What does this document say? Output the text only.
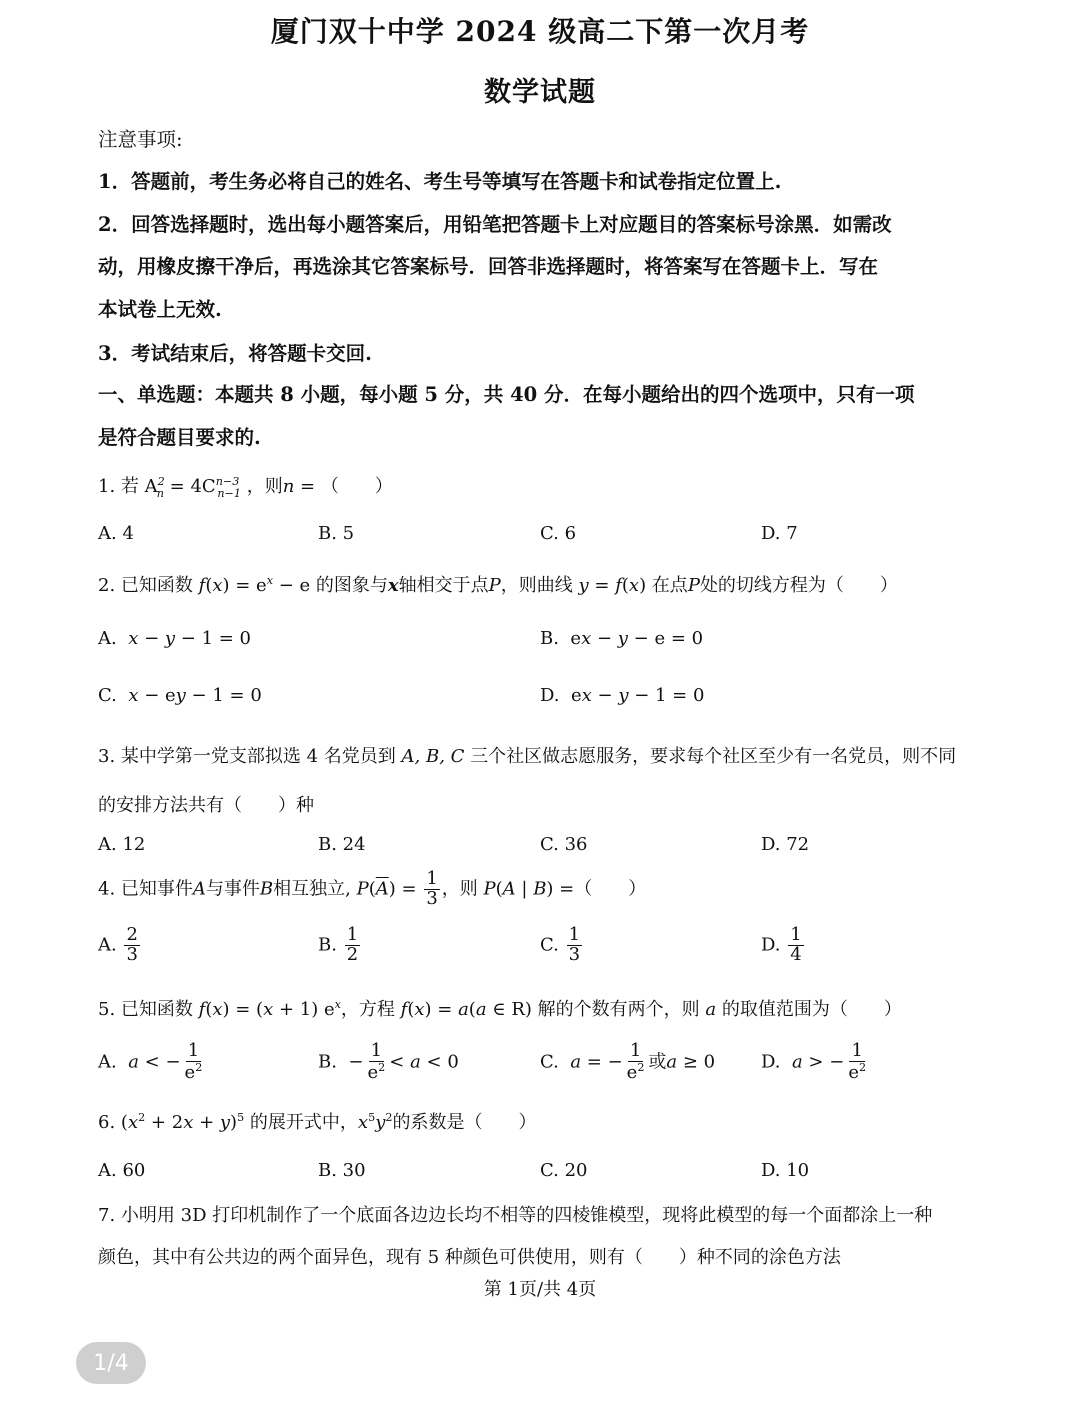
厦门双十中学 2024 级高二下第一次月考
数学试题
注意事项:
1．答题前，考生务必将自己的姓名、考生号等填写在答题卡和试卷指定位置上.
2．回答选择题时，选出每小题答案后，用铅笔把答题卡上对应题目的答案标号涂黑．如需改
动，用橡皮擦干净后，再选涂其它答案标号．回答非选择题时，将答案写在答题卡上．写在
本试卷上无效.
3．考试结束后，将答题卡交回.
一、单选题：本题共 8 小题，每小题 5 分，共 40 分．在每小题给出的四个选项中，只有一项
是符合题目要求的.
1. 若 $A^2_n = 4C^{n-3}_{n-1}$ ，则n = （　　）
A. 4	B. 5	C. 6	D. 7
2. 已知函数 $f(x) = e^x - e$ 的图象与x轴相交于点P，则曲线 y = f(x) 在点P处的切线方程为（　　）
A. x − y − 1 = 0	B.  ex − y − e = 0
C. x − ey − 1 = 0	D.  ex − y − 1 = 0
3. 某中学第一党支部拟选 4 名党员到 A, B, C 三个社区做志愿服务，要求每个社区至少有一名党员，则不同
的安排方法共有（　　）种
A. 12	B. 24	C. 36	D. 72
4. 已知事件A与事件B相互独立, $P(\overline{A}) = \frac{1}{3}$ ，则 P(A | B) =（　　）
A. $\frac{2}{3}$	B. $\frac{1}{2}$	C. $\frac{1}{3}$	D. $\frac{1}{4}$
5. 已知函数 f(x) = (x + 1) $e^x$，方程 f(x) = a(a ∈ R) 解的个数有两个，则 a 的取值范围为（　　）
A. a < − $\frac{1}{e^2}$	B.  − $\frac{1}{e^2} < a < 0$	C. a = − $\frac{1}{e^2}$ 或a ≥ 0	D. a > − $\frac{1}{e^2}$
6. $(x^2 + 2x + y)^5$ 的展开式中，$x^5y^2$的系数是（　　）
A. 60	B. 30	C. 20	D. 10
7. 小明用 3D 打印机制作了一个底面各边边长均不相等的四棱锥模型，现将此模型的每一个面都涂上一种
颜色，其中有公共边的两个面异色，现有 5 种颜色可供使用，则有（　　）种不同的涂色方法
第 1页/共 4页
1/4
